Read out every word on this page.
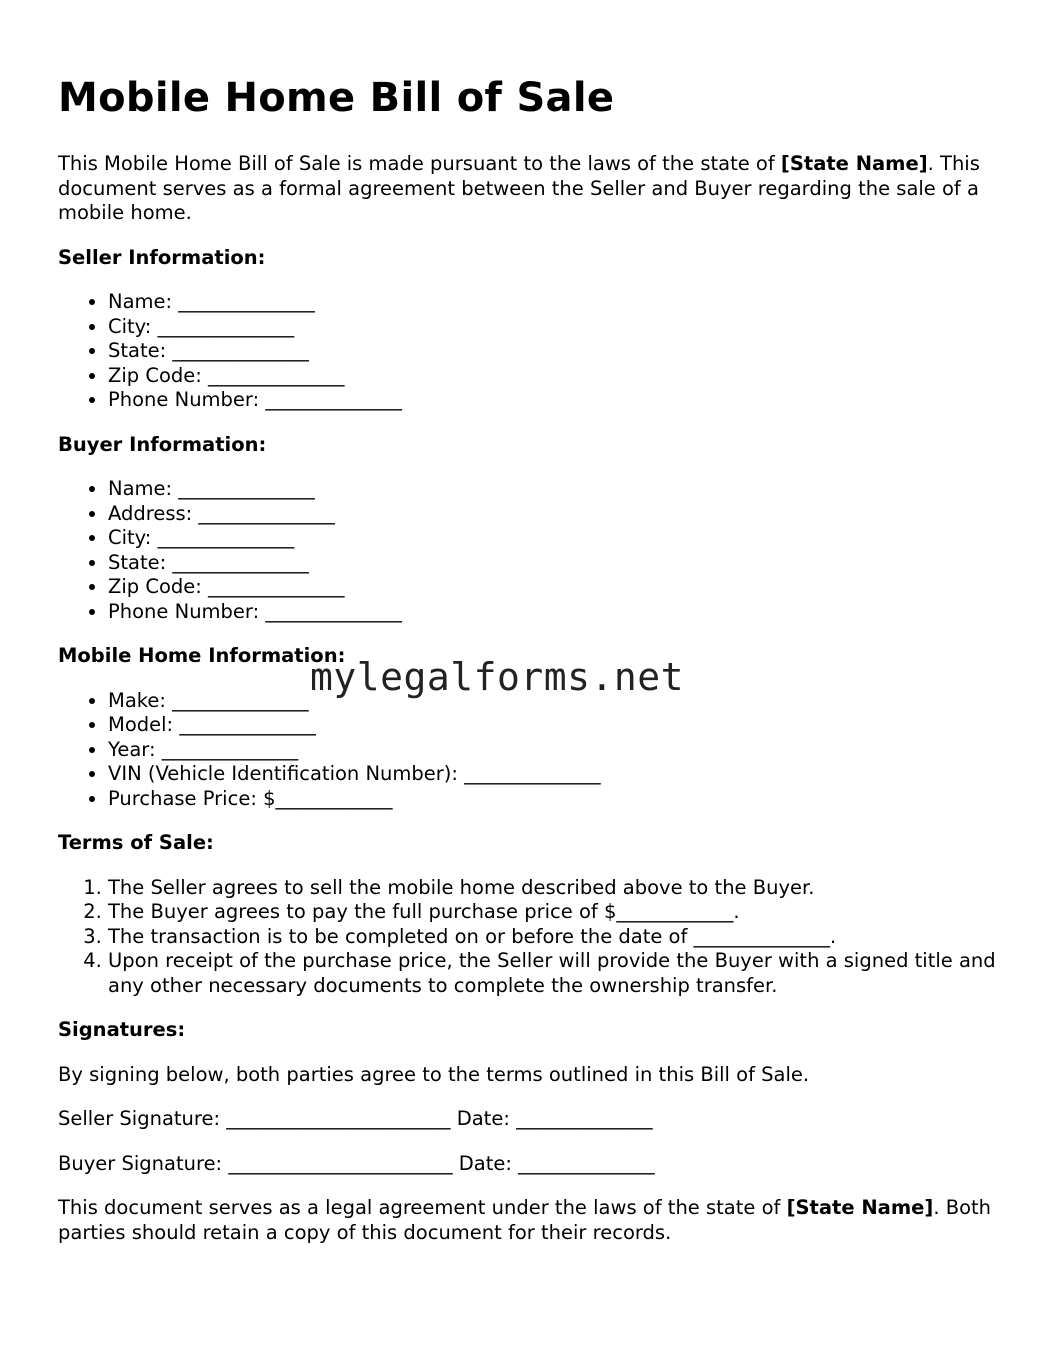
Mobile Home Bill of Sale

This Mobile Home Bill of Sale is made pursuant to the laws of the state of [State Name]. This document serves as a formal agreement between the Seller and Buyer regarding the sale of a mobile home.

Seller Information:

• Name: ______________
• City: ______________
• State: ______________
• Zip Code: ______________
• Phone Number: ______________

Buyer Information:

• Name: ______________
• Address: ______________
• City: ______________
• State: ______________
• Zip Code: ______________
• Phone Number: ______________

Mobile Home Information:

• Make: ______________
• Model: ______________
• Year: ______________
• VIN (Vehicle Identification Number): ______________
• Purchase Price: $____________

Terms of Sale:

1. The Seller agrees to sell the mobile home described above to the Buyer.
2. The Buyer agrees to pay the full purchase price of $____________.
3. The transaction is to be completed on or before the date of ______________.
4. Upon receipt of the purchase price, the Seller will provide the Buyer with a signed title and any other necessary documents to complete the ownership transfer.

Signatures:

By signing below, both parties agree to the terms outlined in this Bill of Sale.

Seller Signature: _______________________ Date: ______________

Buyer Signature: _______________________ Date: ______________

This document serves as a legal agreement under the laws of the state of [State Name]. Both parties should retain a copy of this document for their records.

mylegalforms.net
